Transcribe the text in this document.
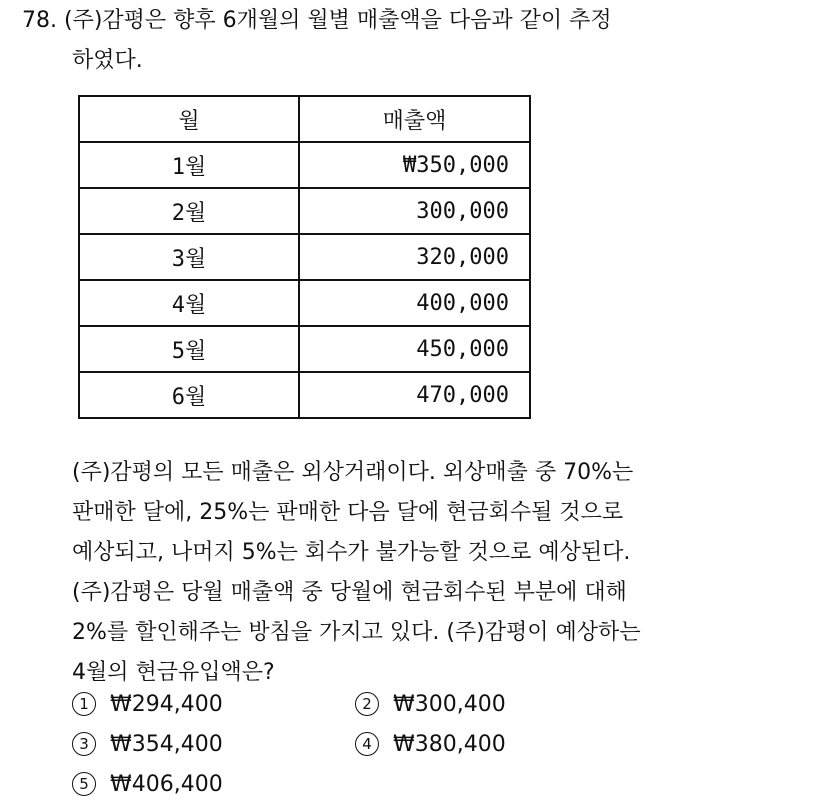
78. (주)감평은 향후 6개월의 월별 매출액을 다음과 같이 추정
하였다.
월	매출액
1월	₩350,000
2월	300,000
3월	320,000
4월	400,000
5월	450,000
6월	470,000
(주)감평의 모든 매출은 외상거래이다. 외상매출 중 70%는
판매한 달에, 25%는 판매한 다음 달에 현금회수될 것으로
예상되고, 나머지 5%는 회수가 불가능할 것으로 예상된다.
(주)감평은 당월 매출액 중 당월에 현금회수된 부분에 대해
2%를 할인해주는 방침을 가지고 있다. (주)감평이 예상하는
4월의 현금유입액은?
1 ₩294,400	2 ₩300,400
3 ₩354,400	4 ₩380,400
5 ₩406,400
